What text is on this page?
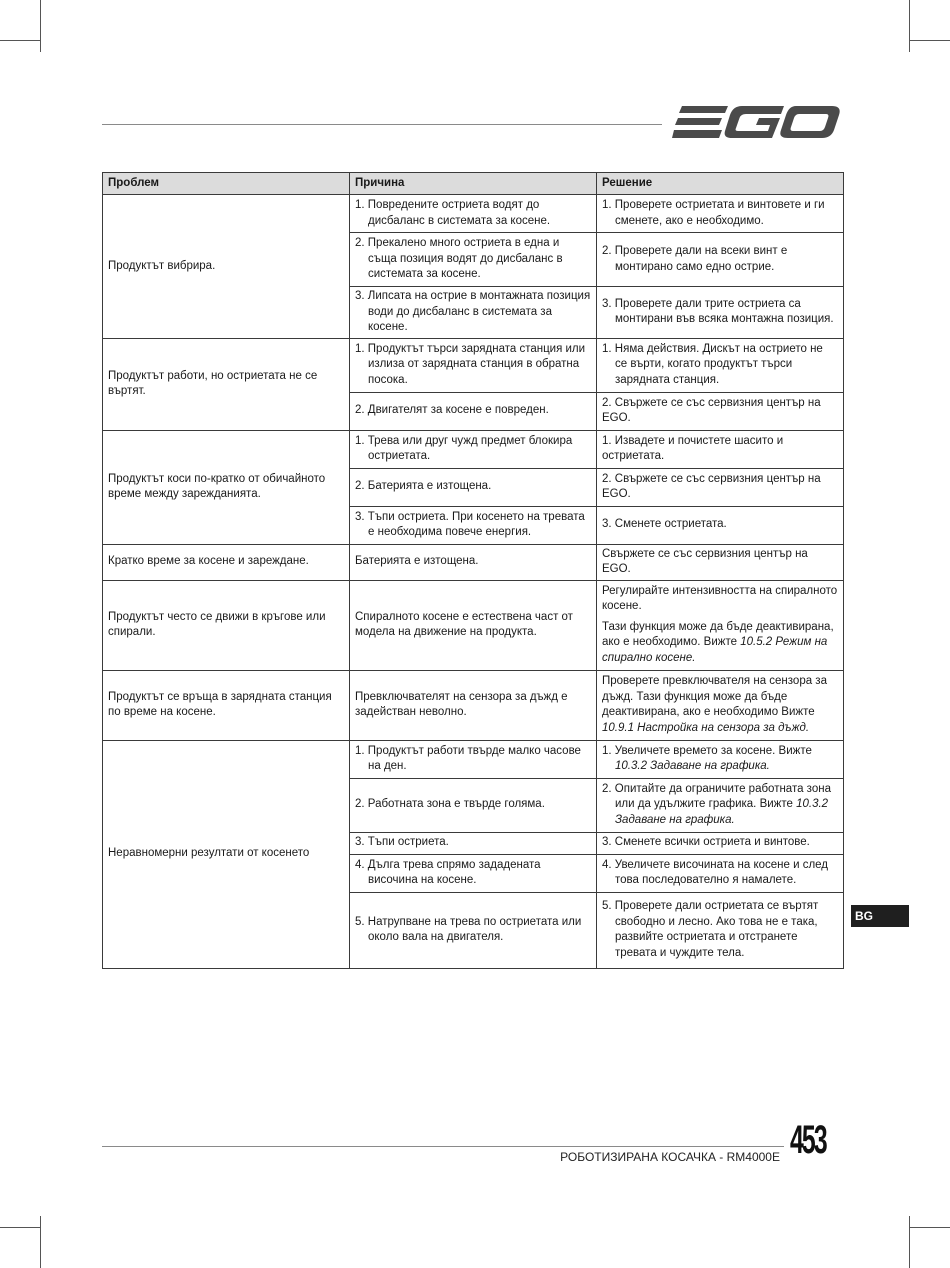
Проблем	Причина	Решение
Продуктът вибрира.	1. Повредените остриета водят до дисбаланс в системата за косене.	1. Проверете остриетата и винтовете и ги сменете, ако е необходимо.

	2. Прекалено много остриета в една и съща позиция водят до дисбаланс в системата за косене.	2. Проверете дали на всеки винт е монтирано само едно острие.

	3. Липсата на острие в монтажната позиция води до дисбаланс в системата за косене.	3. Проверете дали трите остриета са монтирани във всяка монтажна позиция.

Продуктът работи, но остриетата не се въртят.	1. Продуктът търси зарядната станция или излиза от зарядната станция в обратна посока.	1. Няма действия. Дискът на острието не се върти, когато продуктът търси зарядната станция.

	2. Двигателят за косене е повреден.	2. Свържете се със сервизния център на EGO.
Продуктът коси по-кратко от обичайното време между зарежданията.	1. Трева или друг чужд предмет блокира остриетата.	1. Извадете и почистете шасито и остриетата.

	2. Батерията е изтощена.	2. Свържете се със сервизния център на EGO.

	3. Тъпи остриета. При косенето на тревата е необходима повече енергия.	3. Сменете остриетата.
Кратко време за косене и зареждане.	Батерията е изтощена.	Свържете се със сервизния център на EGO.
Продуктът често се движи в кръгове или спирали.	Спиралното косене е естествена част от модела на движение на продукта.	Регулирайте интензивността на спиралното косене.
Тази функция може да бъде деактивирана, ако е необходимо. Вижте 10.5.2 Режим на спирално косене.

Продуктът се връща в зарядната станция по време на косене.	Превключвателят на сензора за дъжд е задействан неволно.	Проверете превключвателя на сензора за дъжд. Тази функция може да бъде деактивирана, ако е необходимо Вижте 10.9.1 Настройка на сензора за дъжд.
Неравномерни резултати от косенето	1. Продуктът работи твърде малко часове на ден.	1. Увеличете времето за косене. Вижте 10.3.2 Задаване на графика.

	2. Работната зона е твърде голяма.	2. Опитайте да ограничите работната зона или да удължите графика. Вижте 10.3.2 Задаване на графика.

	3. Тъпи остриета.	3. Сменете всички остриета и винтове.

	4. Дълга трева спрямо зададената височина на косене.	4. Увеличете височината на косене и след това последователно я намалете.

	5. Натрупване на трева по остриетата или около вала на двигателя.	5. Проверете дали остриетата се въртят свободно и лесно. Ако това не е така, развийте остриетата и отстранете тревата и чуждите тела.
BG
РОБОТИЗИРАНА КОСАЧКА - RM4000E 453
